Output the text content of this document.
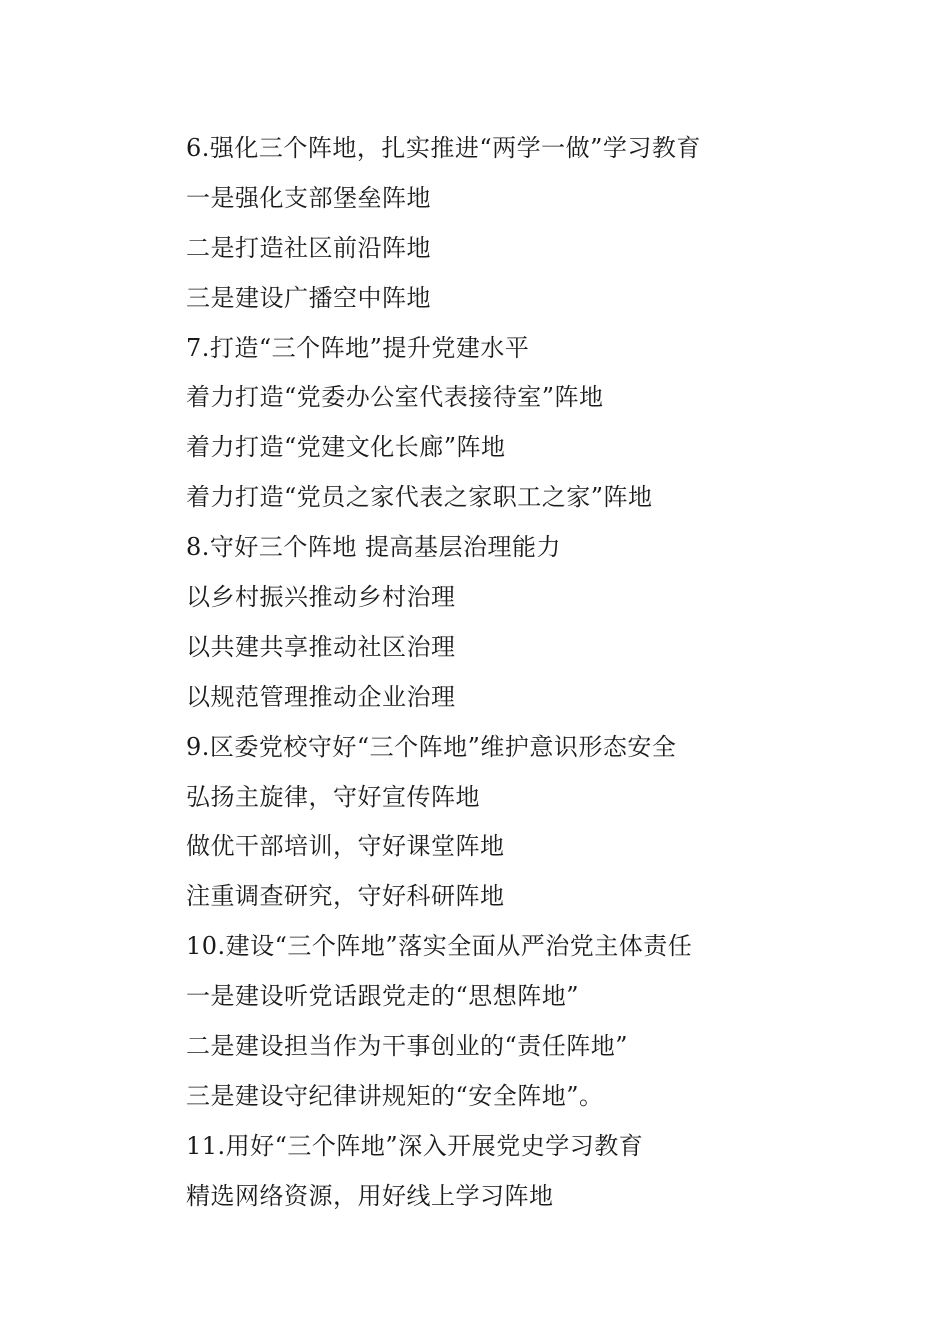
6.强化三个阵地，扎实推进“两学一做”学习教育
一是强化支部堡垒阵地
二是打造社区前沿阵地
三是建设广播空中阵地
7.打造“三个阵地”提升党建水平
着力打造“党委办公室代表接待室”阵地
着力打造“党建文化长廊”阵地
着力打造“党员之家代表之家职工之家”阵地
8.守好三个阵地 提高基层治理能力
以乡村振兴推动乡村治理
以共建共享推动社区治理
以规范管理推动企业治理
9.区委党校守好“三个阵地”维护意识形态安全
弘扬主旋律，守好宣传阵地
做优干部培训，守好课堂阵地
注重调查研究，守好科研阵地
10.建设“三个阵地”落实全面从严治党主体责任
一是建设听党话跟党走的“思想阵地”
二是建设担当作为干事创业的“责任阵地”
三是建设守纪律讲规矩的“安全阵地”。
11.用好“三个阵地”深入开展党史学习教育
精选网络资源，用好线上学习阵地
